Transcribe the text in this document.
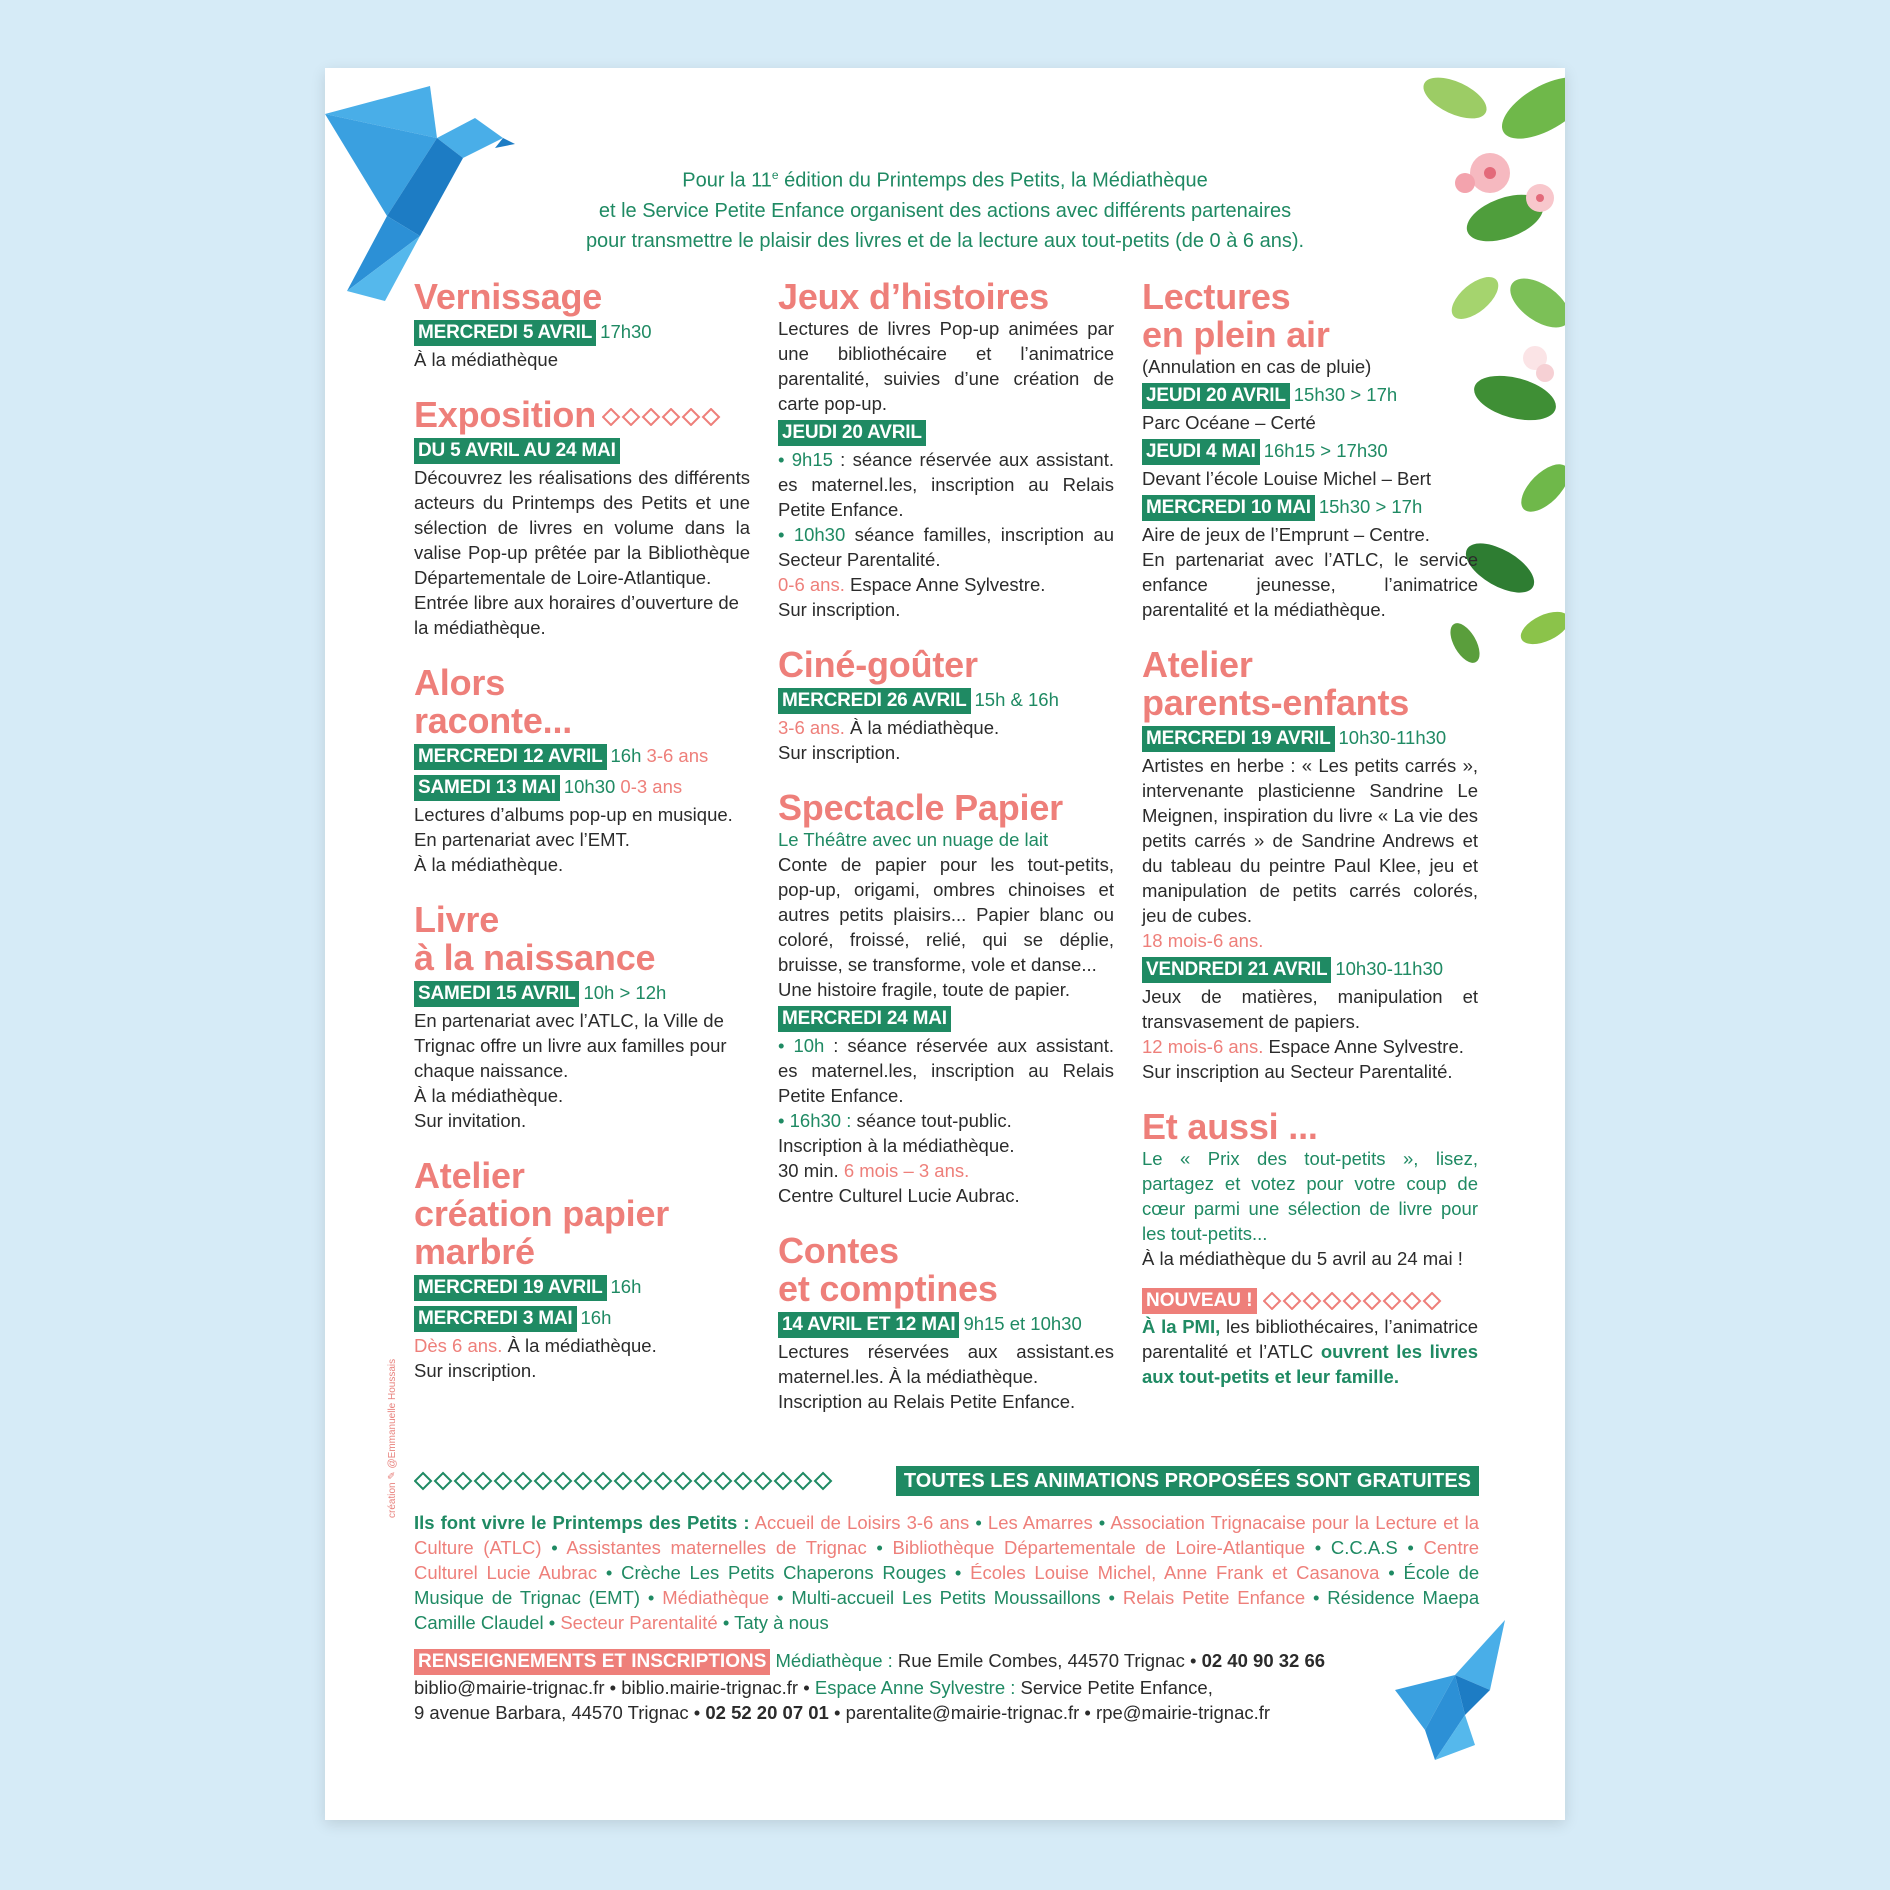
création ✎ @Emmanuelle Houssais
Pour la 11e édition du Printemps des Petits, la Médiathèque
et le Service Petite Enfance organisent des actions avec différents partenaires
pour transmettre le plaisir des livres et de la lecture aux tout-petits (de 0 à 6 ans).
Vernissage
MERCREDI 5 AVRIL 17h30
À la médiathèque
Exposition
DU 5 AVRIL AU 24 MAI
Découvrez les réalisations des différents acteurs du Printemps des Petits et une sélection de livres en volume dans la valise Pop-up prêtée par la Bibliothèque Départementale de Loire-Atlantique.
Entrée libre aux horaires d’ouverture de la médiathèque.
Alors
raconte...
MERCREDI 12 AVRIL 16h 3-6 ans
SAMEDI 13 MAI 10h30 0-3 ans
Lectures d’albums pop-up en musique.
En partenariat avec l’EMT.
À la médiathèque.
Livre
à la naissance
SAMEDI 15 AVRIL 10h > 12h
En partenariat avec l’ATLC, la Ville de Trignac offre un livre aux familles pour chaque naissance.
À la médiathèque.
Sur invitation.
Atelier
création papier
marbré
MERCREDI 19 AVRIL 16h
MERCREDI 3 MAI 16h
Dès 6 ans. À la médiathèque.
Sur inscription.
Jeux d’histoires
Lectures de livres Pop-up animées par une bibliothécaire et l’animatrice parentalité, suivies d’une création de carte pop-up.
JEUDI 20 AVRIL
• 9h15 : séance réservée aux assistant. es maternel.les, inscription au Relais Petite Enfance.
• 10h30 séance familles, inscription au Secteur Parentalité.
0-6 ans. Espace Anne Sylvestre.
Sur inscription.
Ciné-goûter
MERCREDI 26 AVRIL 15h & 16h
3-6 ans. À la médiathèque.
Sur inscription.
Spectacle Papier
Le Théâtre avec un nuage de lait
Conte de papier pour les tout-petits, pop-up, origami, ombres chinoises et autres petits plaisirs... Papier blanc ou coloré, froissé, relié, qui se déplie, bruisse, se transforme, vole et danse...
Une histoire fragile, toute de papier.
MERCREDI 24 MAI
• 10h : séance réservée aux assistant. es maternel.les, inscription au Relais Petite Enfance.
• 16h30 : séance tout-public.
Inscription à la médiathèque.
30 min. 6 mois – 3 ans.
Centre Culturel Lucie Aubrac.
Contes
et comptines
14 AVRIL ET 12 MAI 9h15 et 10h30
Lectures réservées aux assistant.es maternel.les. À la médiathèque.
Inscription au Relais Petite Enfance.
Lectures
en plein air
(Annulation en cas de pluie)
JEUDI 20 AVRIL 15h30 > 17h
Parc Océane – Certé
JEUDI 4 MAI 16h15 > 17h30
Devant l’école Louise Michel – Bert
MERCREDI 10 MAI 15h30 > 17h
Aire de jeux de l’Emprunt – Centre.
En partenariat avec l’ATLC, le service enfance jeunesse, l’animatrice parentalité et la médiathèque.
Atelier
parents-enfants
MERCREDI 19 AVRIL 10h30-11h30
Artistes en herbe : « Les petits carrés », intervenante plasticienne Sandrine Le Meignen, inspiration du livre « La vie des petits carrés » de Sandrine Andrews et du tableau du peintre Paul Klee, jeu et manipulation de petits carrés colorés, jeu de cubes.
18 mois-6 ans.
VENDREDI 21 AVRIL 10h30-11h30
Jeux de matières, manipulation et transvasement de papiers.
12 mois-6 ans. Espace Anne Sylvestre.
Sur inscription au Secteur Parentalité.
Et aussi ...
Le « Prix des tout-petits », lisez, partagez et votez pour votre coup de cœur parmi une sélection de livre pour les tout-petits...
À la médiathèque du 5 avril au 24 mai !
NOUVEAU !
À la PMI, les bibliothécaires, l’animatrice parentalité et l’ATLC ouvrent les livres aux tout-petits et leur famille.
TOUTES LES ANIMATIONS PROPOSÉES SONT GRATUITES
Ils font vivre le Printemps des Petits : Accueil de Loisirs 3-6 ans • Les Amarres • Association Trignacaise pour la Lecture et la Culture (ATLC) • Assistantes maternelles de Trignac • Bibliothèque Départementale de Loire-Atlantique • C.C.A.S • Centre Culturel Lucie Aubrac • Crèche Les Petits Chaperons Rouges • Écoles Louise Michel, Anne Frank et Casanova • École de Musique de Trignac (EMT) • Médiathèque • Multi-accueil Les Petits Moussaillons • Relais Petite Enfance • Résidence Maepa Camille Claudel • Secteur Parentalité • Taty à nous
RENSEIGNEMENTS ET INSCRIPTIONS Médiathèque : Rue Emile Combes, 44570 Trignac • 02 40 90 32 66
biblio@mairie-trignac.fr • biblio.mairie-trignac.fr • Espace Anne Sylvestre : Service Petite Enfance,
9 avenue Barbara, 44570 Trignac • 02 52 20 07 01 • parentalite@mairie-trignac.fr • rpe@mairie-trignac.fr
